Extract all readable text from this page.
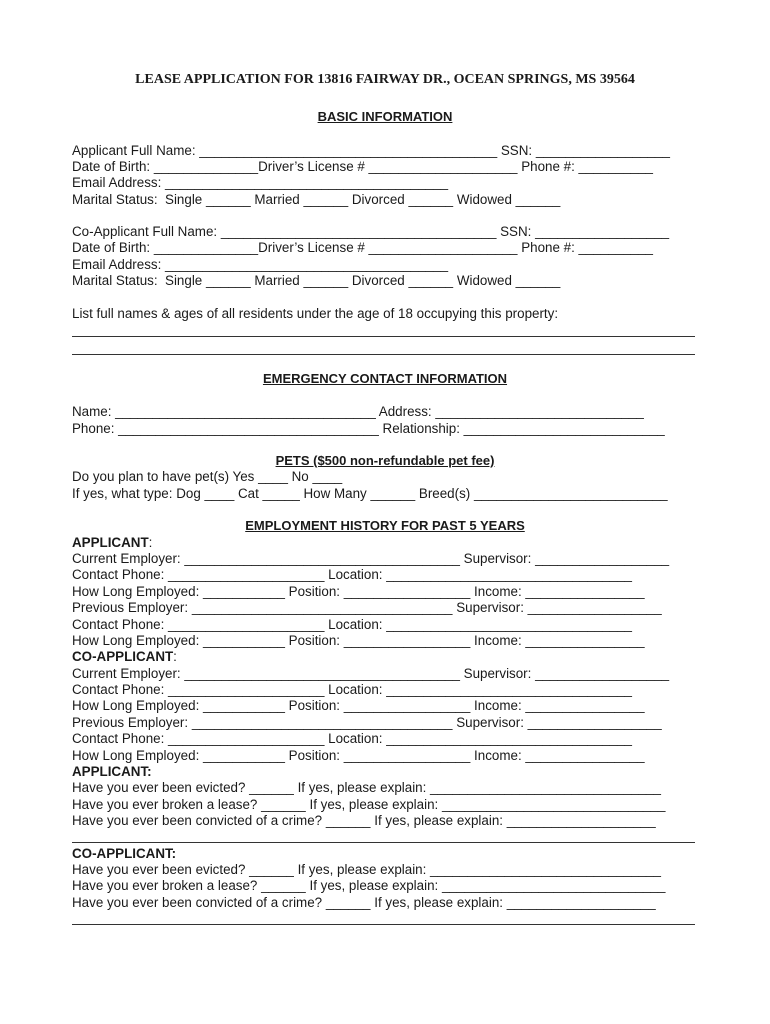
LEASE APPLICATION FOR 13816 FAIRWAY DR., OCEAN SPRINGS, MS 39564
BASIC INFORMATION
Applicant Full Name: ________________________________________ SSN: __________________
Date of Birth: ______________Driver’s License # ____________________ Phone #: __________
Email Address: ______________________________________
Marital Status:  Single ______ Married ______ Divorced ______ Widowed ______
Co-Applicant Full Name: _____________________________________ SSN: __________________
Date of Birth: ______________Driver’s License # ____________________ Phone #: __________
Email Address: ______________________________________
Marital Status:  Single ______ Married ______ Divorced ______ Widowed ______
List full names & ages of all residents under the age of 18 occupying this property:
EMERGENCY CONTACT INFORMATION
Name: ___________________________________ Address: ____________________________
Phone: ___________________________________ Relationship: ___________________________
PETS ($500 non-refundable pet fee)
Do you plan to have pet(s) Yes ____ No ____
If yes, what type: Dog ____ Cat _____ How Many ______ Breed(s) __________________________
EMPLOYMENT HISTORY FOR PAST 5 YEARS
APPLICANT:
Current Employer: _____________________________________ Supervisor: __________________
Contact Phone: _____________________ Location: _________________________________
How Long Employed: ___________ Position: _________________ Income: ________________
Previous Employer: ___________________________________ Supervisor: __________________
Contact Phone: _____________________ Location: _________________________________
How Long Employed: ___________ Position: _________________ Income: ________________
CO-APPLICANT:
Current Employer: _____________________________________ Supervisor: __________________
Contact Phone: _____________________ Location: _________________________________
How Long Employed: ___________ Position: _________________ Income: ________________
Previous Employer: ___________________________________ Supervisor: __________________
Contact Phone: _____________________ Location: _________________________________
How Long Employed: ___________ Position: _________________ Income: ________________
APPLICANT:
Have you ever been evicted? ______ If yes, please explain: _______________________________
Have you ever broken a lease? ______ If yes, please explain: ______________________________
Have you ever been convicted of a crime? ______ If yes, please explain: ____________________
CO-APPLICANT:
Have you ever been evicted? ______ If yes, please explain: _______________________________
Have you ever broken a lease? ______ If yes, please explain: ______________________________
Have you ever been convicted of a crime? ______ If yes, please explain: ____________________
